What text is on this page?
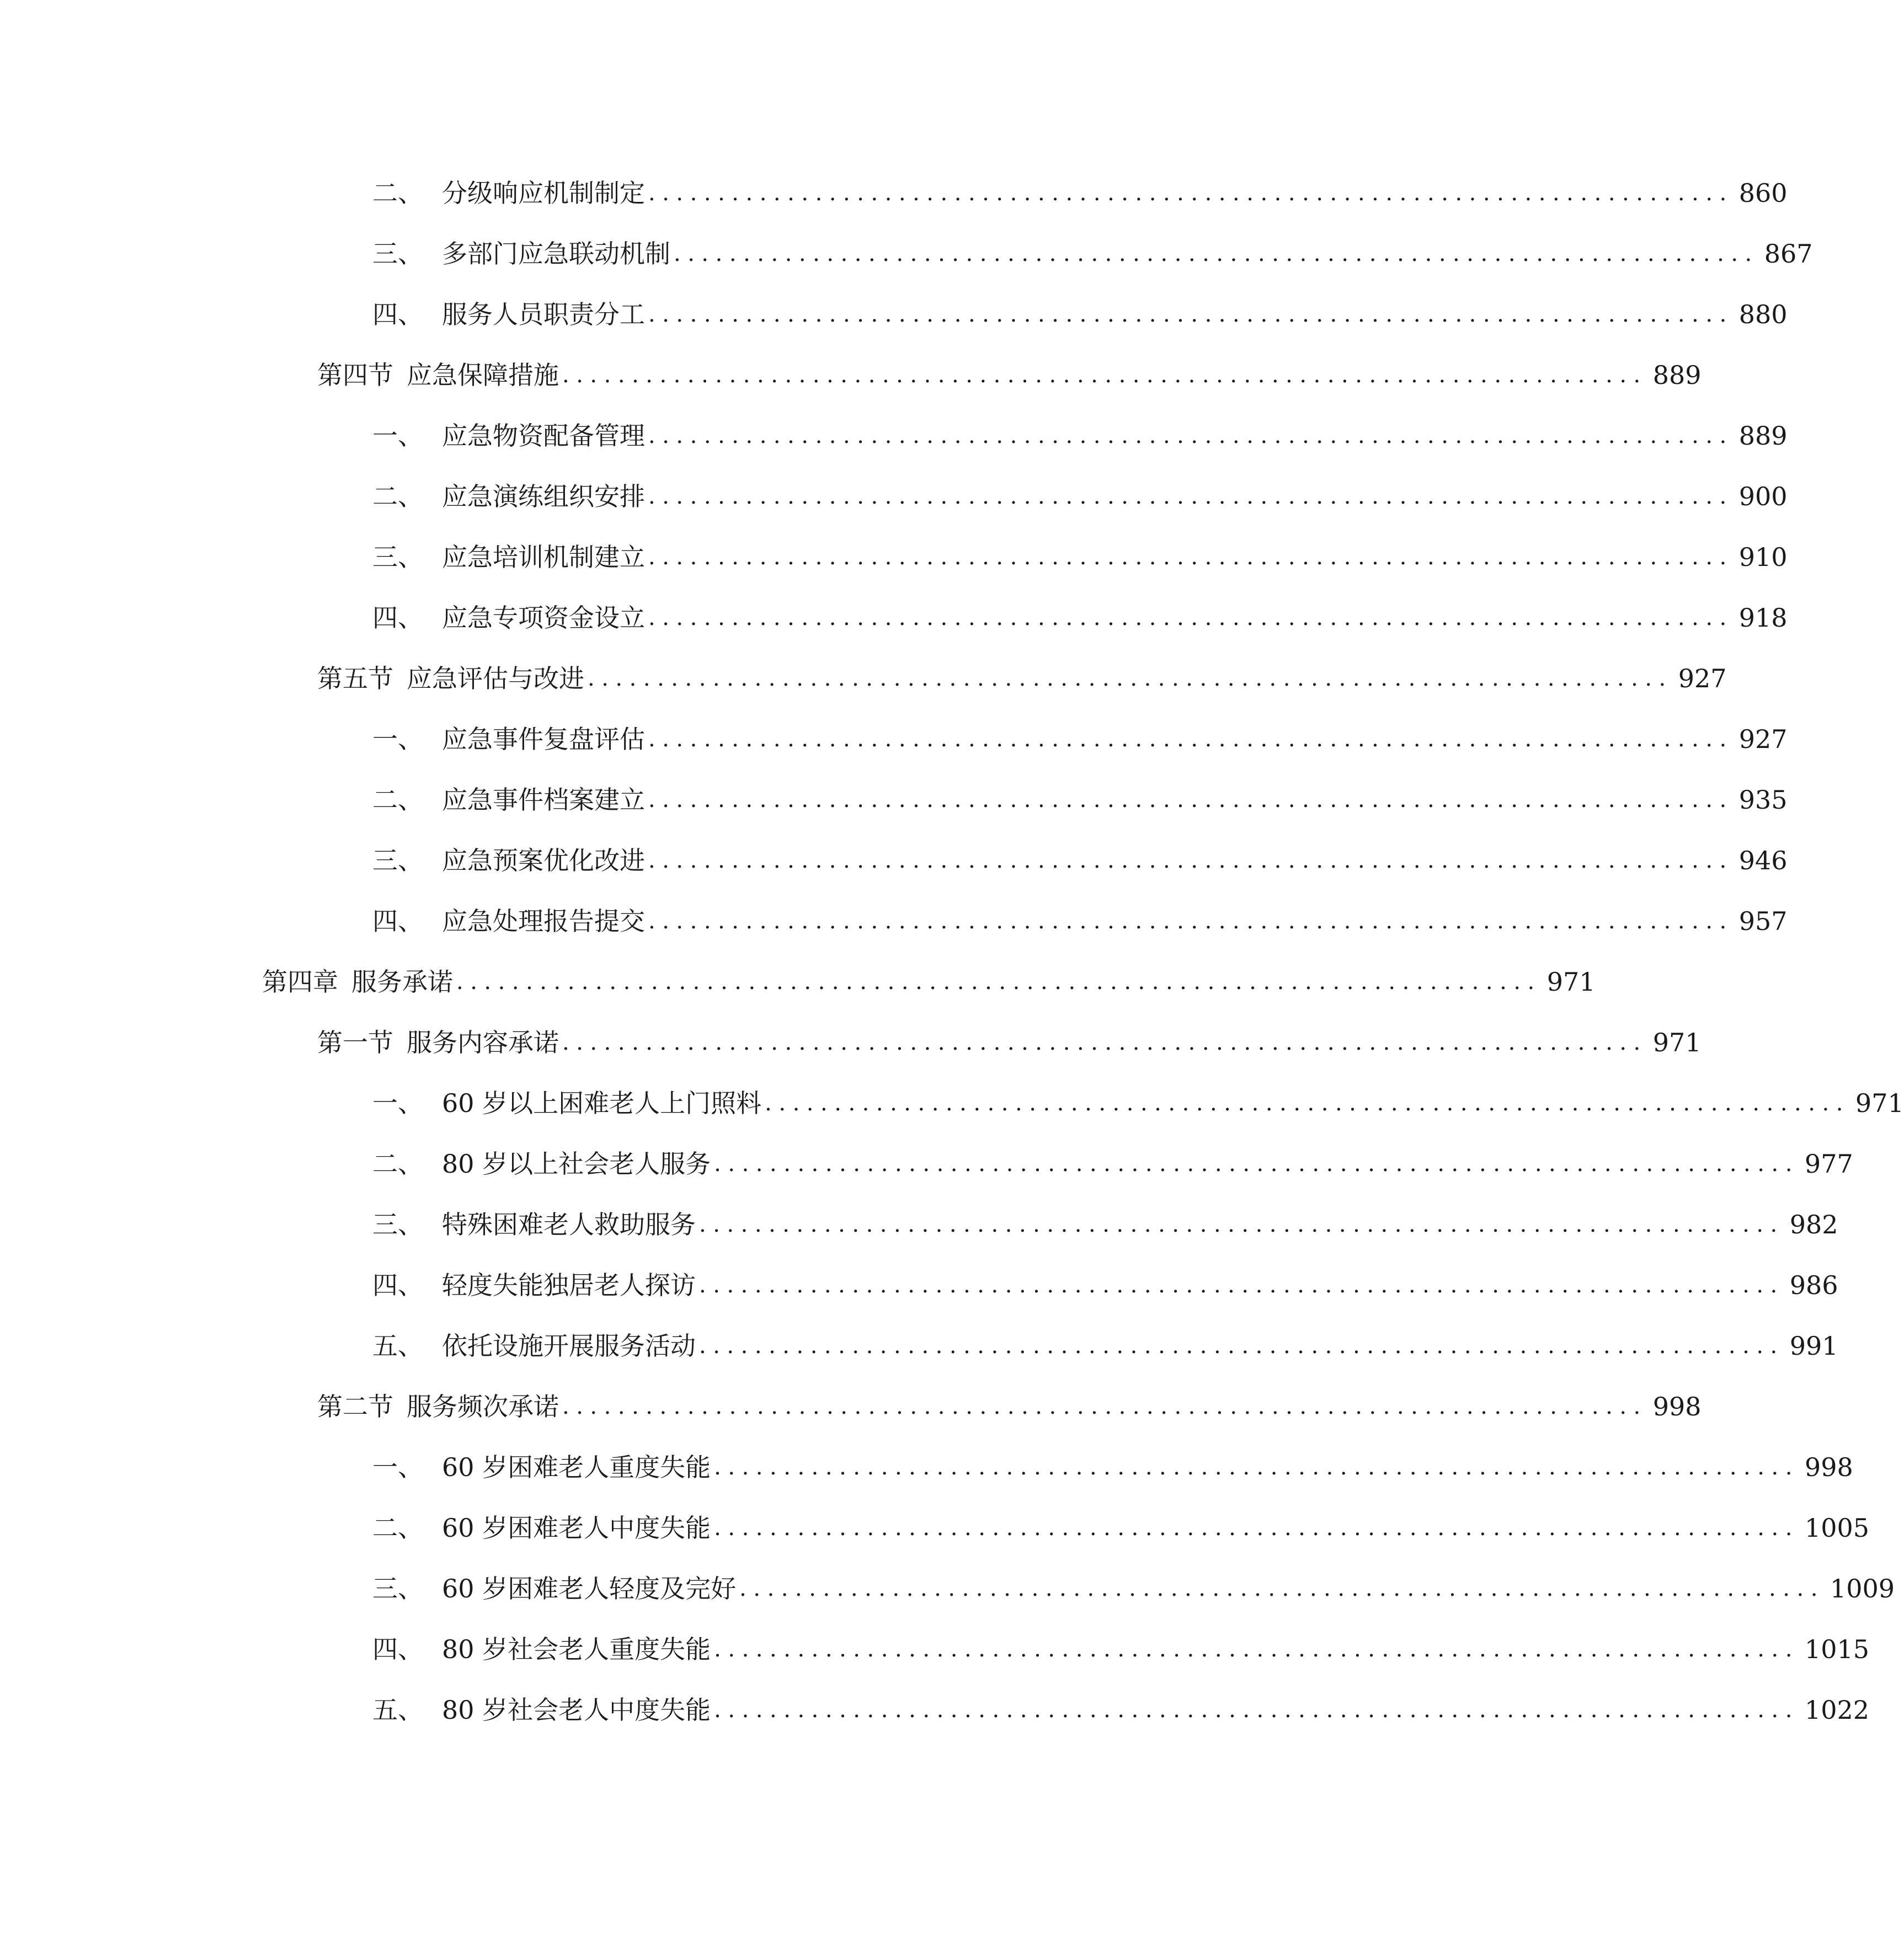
二、 分级响应机制制定 .............................................................................. 860
三、 多部门应急联动机制 .............................................................................. 867
四、 服务人员职责分工 .............................................................................. 880
第四节 应急保障措施 .............................................................................. 889
一、 应急物资配备管理 .............................................................................. 889
二、 应急演练组织安排 .............................................................................. 900
三、 应急培训机制建立 .............................................................................. 910
四、 应急专项资金设立 .............................................................................. 918
第五节 应急评估与改进 .............................................................................. 927
一、 应急事件复盘评估 .............................................................................. 927
二、 应急事件档案建立 .............................................................................. 935
三、 应急预案优化改进 .............................................................................. 946
四、 应急处理报告提交 .............................................................................. 957
第四章 服务承诺 .............................................................................. 971
第一节 服务内容承诺 .............................................................................. 971
一、 60 岁以上困难老人上门照料 .............................................................................. 971
二、 80 岁以上社会老人服务 .............................................................................. 977
三、 特殊困难老人救助服务 .............................................................................. 982
四、 轻度失能独居老人探访 .............................................................................. 986
五、 依托设施开展服务活动 .............................................................................. 991
第二节 服务频次承诺 .............................................................................. 998
一、 60 岁困难老人重度失能 .............................................................................. 998
二、 60 岁困难老人中度失能 .............................................................................. 1005
三、 60 岁困难老人轻度及完好 .............................................................................. 1009
四、 80 岁社会老人重度失能 .............................................................................. 1015
五、 80 岁社会老人中度失能 .............................................................................. 1022
